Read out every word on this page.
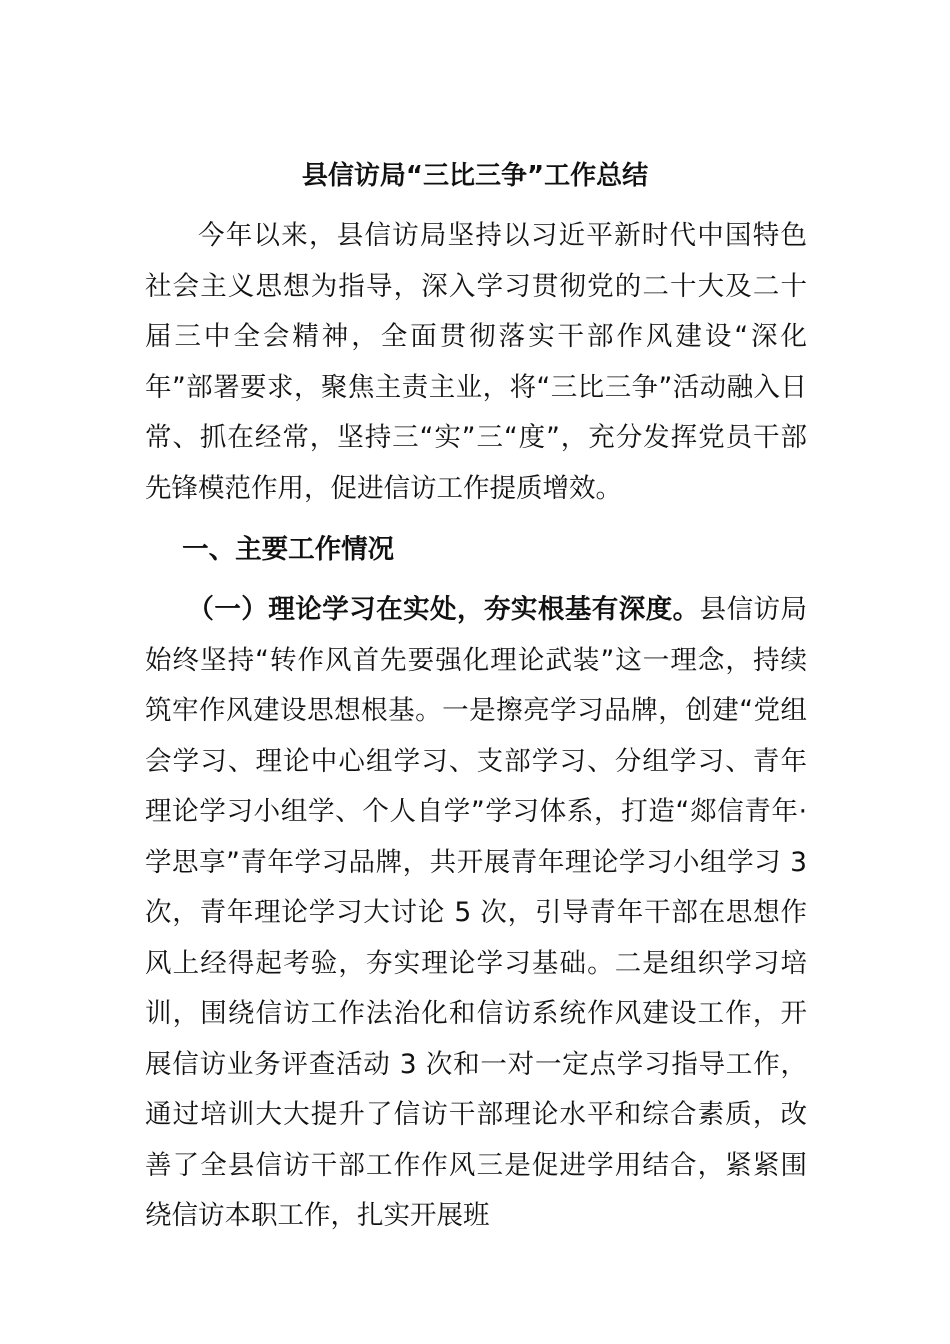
县信访局“三比三争”工作总结

今年以来，县信访局坚持以习近平新时代中国特色社会主义思想为指导，深入学习贯彻党的二十大及二十届三中全会精神，全面贯彻落实干部作风建设“深化年”部署要求，聚焦主责主业，将“三比三争”活动融入日常、抓在经常，坚持三“实”三“度”，充分发挥党员干部先锋模范作用，促进信访工作提质增效。

一、主要工作情况

（一）理论学习在实处，夯实根基有深度。县信访局始终坚持“转作风首先要强化理论武装”这一理念，持续筑牢作风建设思想根基。一是擦亮学习品牌，创建“党组会学习、理论中心组学习、支部学习、分组学习、青年理论学习小组学、个人自学”学习体系，打造“郯信青年·学思享”青年学习品牌，共开展青年理论学习小组学习 3 次，青年理论学习大讨论 5 次，引导青年干部在思想作风上经得起考验，夯实理论学习基础。二是组织学习培训，围绕信访工作法治化和信访系统作风建设工作，开展信访业务评查活动 3 次和一对一定点学习指导工作，通过培训大大提升了信访干部理论水平和综合素质，改善了全县信访干部工作作风三是促进学用结合，紧紧围绕信访本职工作，扎实开展班
